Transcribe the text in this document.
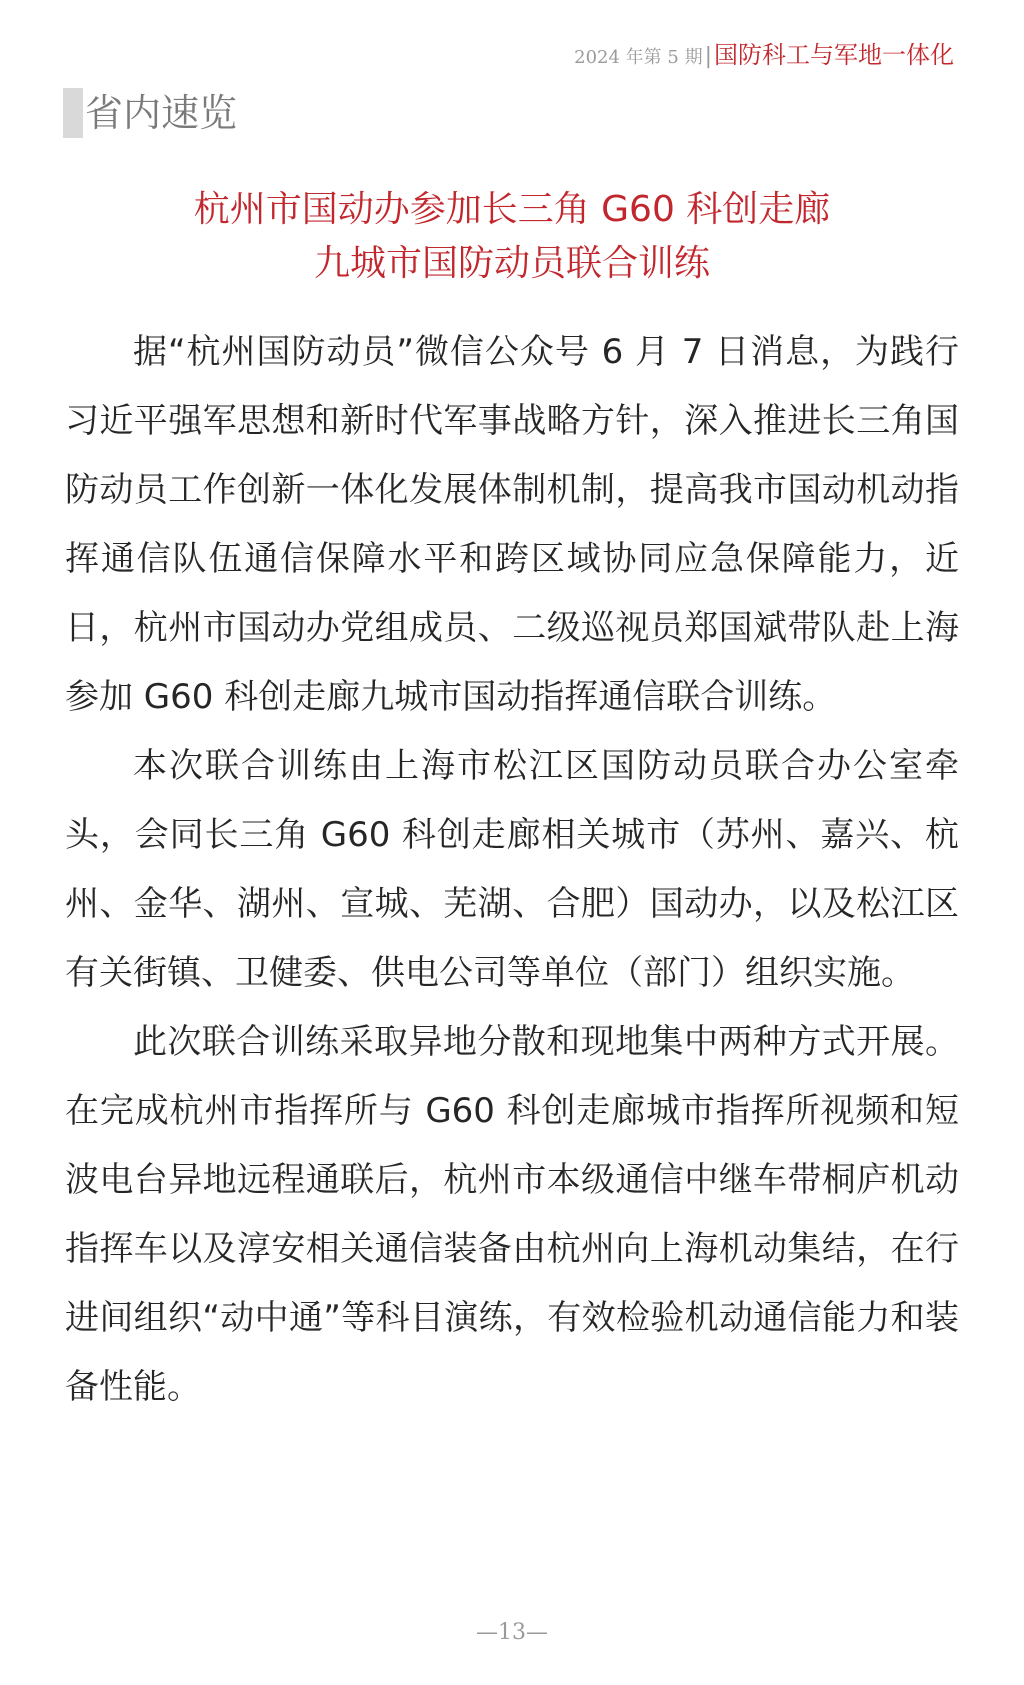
2024 年第 5 期|国防科工与军地一体化
省内速览
杭州市国动办参加长三角 G60 科创走廊
九城市国防动员联合训练

据“杭州国防动员”微信公众号 6 月 7 日消息，为践行习近平强军思想和新时代军事战略方针，深入推进长三角国防动员工作创新一体化发展体制机制，提高我市国动机动指挥通信队伍通信保障水平和跨区域协同应急保障能力，近日，杭州市国动办党组成员、二级巡视员郑国斌带队赴上海参加 G60 科创走廊九城市国动指挥通信联合训练。

本次联合训练由上海市松江区国防动员联合办公室牵头，会同长三角 G60 科创走廊相关城市（苏州、嘉兴、杭州、金华、湖州、宣城、芜湖、合肥）国动办，以及松江区有关街镇、卫健委、供电公司等单位（部门）组织实施。

此次联合训练采取异地分散和现地集中两种方式开展。在完成杭州市指挥所与 G60 科创走廊城市指挥所视频和短波电台异地远程通联后，杭州市本级通信中继车带桐庐机动指挥车以及淳安相关通信装备由杭州向上海机动集结，在行进间组织“动中通”等科目演练，有效检验机动通信能力和装备性能。

—13—
